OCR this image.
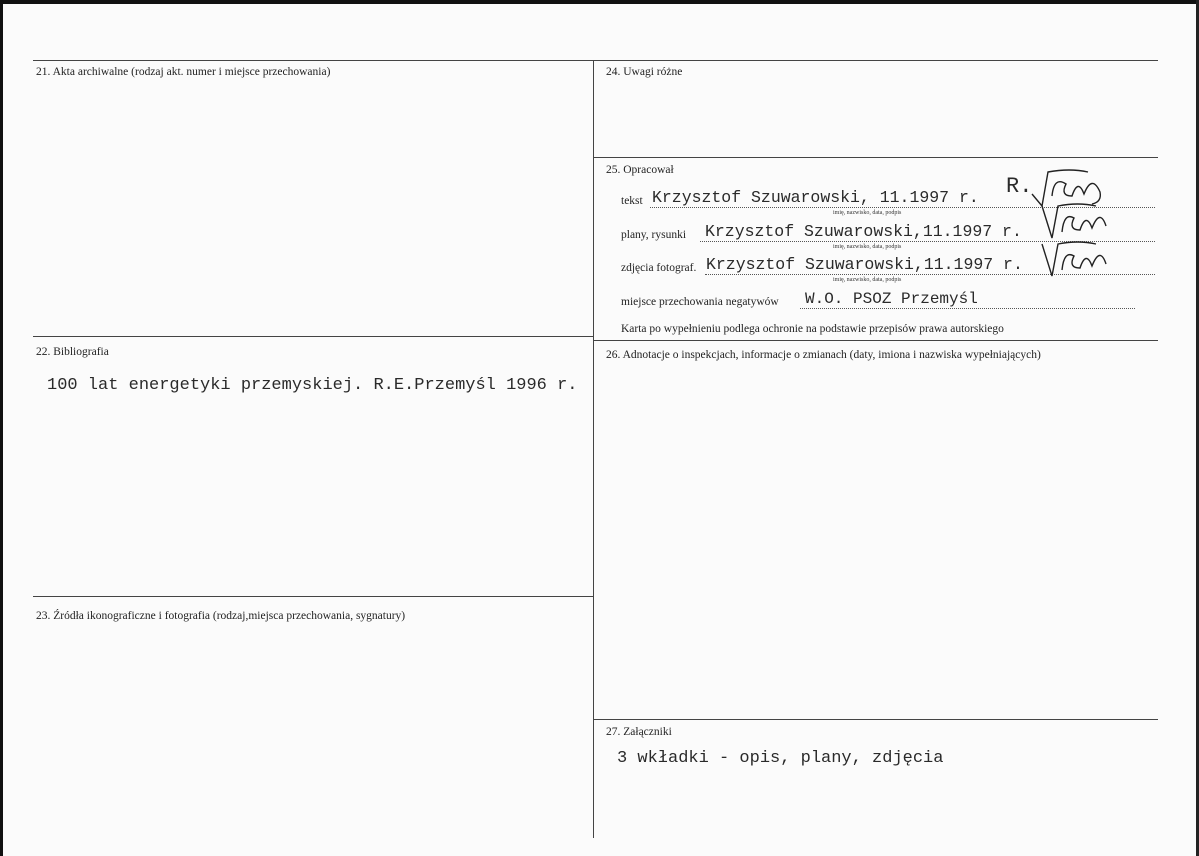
21. Akta archiwalne (rodzaj akt. numer i miejsce przechowania)	24. Uwagi różne
25. Opracował
tekst Krzysztof Szuwarowski, 11.1997 r.
imię, nazwisko, data, podpis
R.
plany, rysunki Krzysztof Szuwarowski,11.1997 r.
imię, nazwisko, data, podpis
zdjęcia fotograf. Krzysztof Szuwarowski,11.1997 r.
imię, nazwisko, data, podpis
miejsce przechowania negatywów W.O. PSOZ Przemyśl
Karta po wypełnieniu podlega ochronie na podstawie przepisów prawa autorskiego
22. Bibliografia
100 lat energetyki przemyskiej. R.E.Przemyśl 1996 r.
26. Adnotacje o inspekcjach, informacje o zmianach (daty, imiona i nazwiska wypełniających)
23. Źródła ikonograficzne i fotografia (rodzaj,miejsca przechowania, sygnatury)
27. Załączniki
3 wkładki - opis, plany, zdjęcia
